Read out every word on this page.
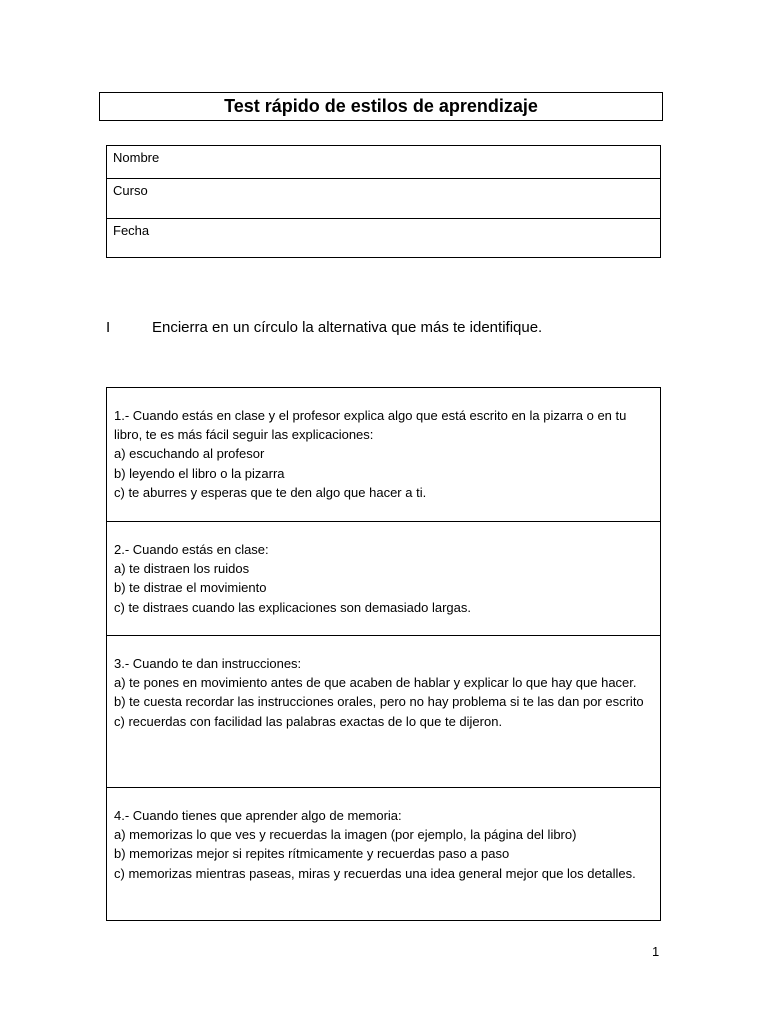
Test rápido de estilos de aprendizaje
Nombre
Curso
Fecha
I	Encierra en un círculo la alternativa que más te identifique.
1.- Cuando estás en clase y el profesor explica algo que está escrito en la pizarra o en tu libro, te es más fácil seguir las explicaciones:
a) escuchando al profesor
b) leyendo el libro o la pizarra
c) te aburres y esperas que te den algo que hacer a ti.
2.- Cuando estás en clase:
a) te distraen los ruidos
b) te distrae el movimiento
c) te distraes cuando las explicaciones son demasiado largas.
3.- Cuando te dan instrucciones:
a) te pones en movimiento antes de que acaben de hablar y explicar lo que hay que hacer.
b) te cuesta recordar las instrucciones orales, pero no hay problema si te las dan por escrito
c) recuerdas con facilidad las palabras exactas de lo que te dijeron.
4.- Cuando tienes que aprender algo de memoria:
a) memorizas lo que ves y recuerdas la imagen (por ejemplo, la página del libro)
b) memorizas mejor si repites rítmicamente y recuerdas paso a paso
c) memorizas mientras paseas, miras y recuerdas una idea general mejor que los detalles.
1
